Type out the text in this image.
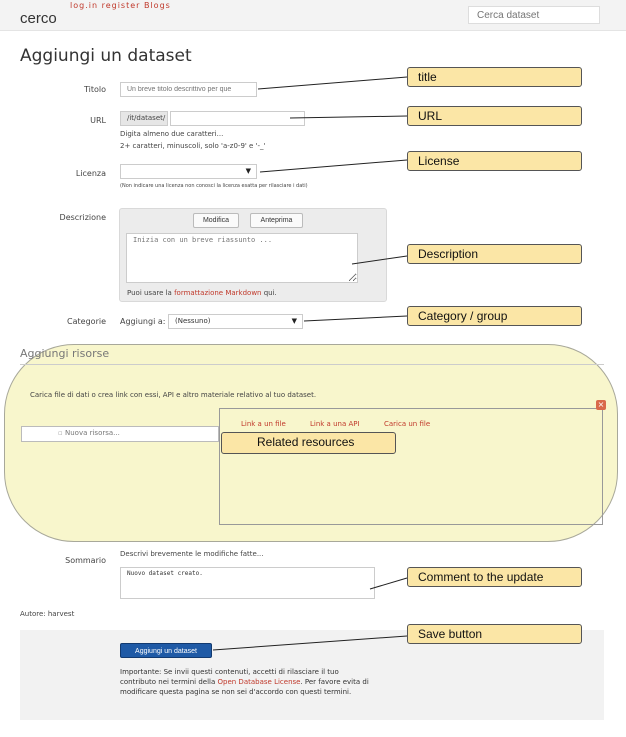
log.in register Blogs
cerco
Cerca dataset
Aggiungi un dataset
Titolo
Un breve titolo descrittivo per que
URL	/it/dataset/
Digita almeno due caratteri...
2+ caratteri, minuscoli, solo 'a-z0-9' e '-_'
Licenza	▼
(Non indicare una licenza non conosci la licenza esatta per rilasciare i dati)
Descrizione	Modifica	Anteprima
Inizia con un breve riassunto ...
Puoi usare la formattazione Markdown qui.
Categorie Aggiungi a:	(Nessuno)	▼
Aggiungi risorse
Carica file di dati o crea link con essi, API e altro materiale relativo al tuo dataset.
▫ Nuova risorsa...
×
Link a un file	Link a una API	Carica un file
Sommario
Descrivi brevemente le modifiche fatte...
Nuovo dataset creato.
Autore: harvest
Aggiungi un dataset
Importante: Se invii questi contenuti, accetti di rilasciare il tuo contributo nei termini della Open Database License. Per favore evita di modificare questa pagina se non sei d'accordo con questi termini.
title
URL
License
Description
Category / group
Related resources
Comment to the update
Save button
